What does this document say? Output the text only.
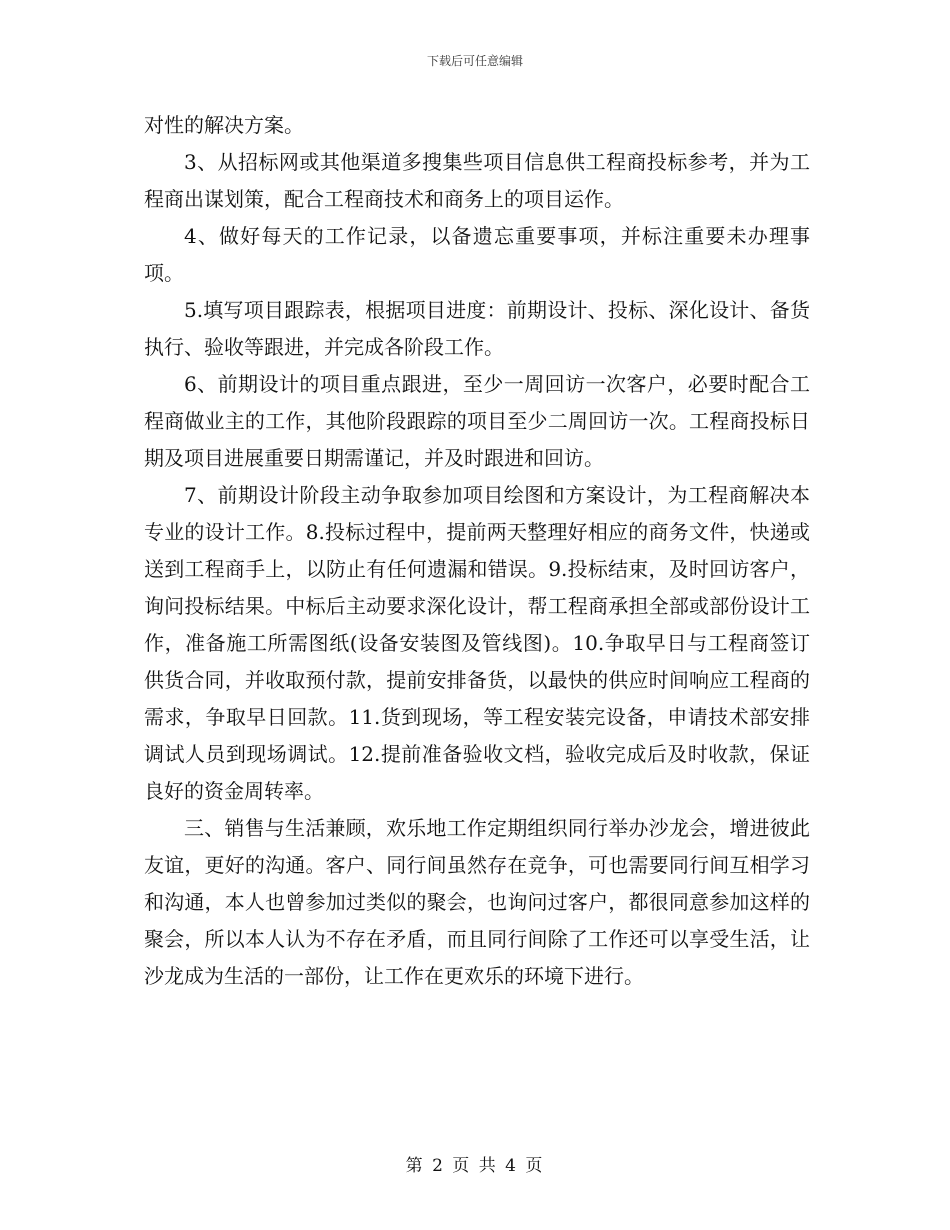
下载后可任意编辑

对性的解决方案。

3、从招标网或其他渠道多搜集些项目信息供工程商投标参考，并为工程商出谋划策，配合工程商技术和商务上的项目运作。

4、做好每天的工作记录，以备遗忘重要事项，并标注重要未办理事项。

5.填写项目跟踪表，根据项目进度：前期设计、投标、深化设计、备货执行、验收等跟进，并完成各阶段工作。

6、前期设计的项目重点跟进，至少一周回访一次客户，必要时配合工程商做业主的工作，其他阶段跟踪的项目至少二周回访一次。工程商投标日期及项目进展重要日期需谨记，并及时跟进和回访。

7、前期设计阶段主动争取参加项目绘图和方案设计，为工程商解决本专业的设计工作。8.投标过程中，提前两天整理好相应的商务文件，快递或送到工程商手上，以防止有任何遗漏和错误。9.投标结束，及时回访客户，询问投标结果。中标后主动要求深化设计，帮工程商承担全部或部份设计工作，准备施工所需图纸(设备安装图及管线图)。10.争取早日与工程商签订供货合同，并收取预付款，提前安排备货，以最快的供应时间响应工程商的需求，争取早日回款。11.货到现场，等工程安装完设备，申请技术部安排调试人员到现场调试。12.提前准备验收文档，验收完成后及时收款，保证良好的资金周转率。

三、销售与生活兼顾，欢乐地工作定期组织同行举办沙龙会，增进彼此友谊，更好的沟通。客户、同行间虽然存在竞争，可也需要同行间互相学习和沟通，本人也曾参加过类似的聚会，也询问过客户，都很同意参加这样的聚会，所以本人认为不存在矛盾，而且同行间除了工作还可以享受生活，让沙龙成为生活的一部份，让工作在更欢乐的环境下进行。

第 2 页 共 4 页
